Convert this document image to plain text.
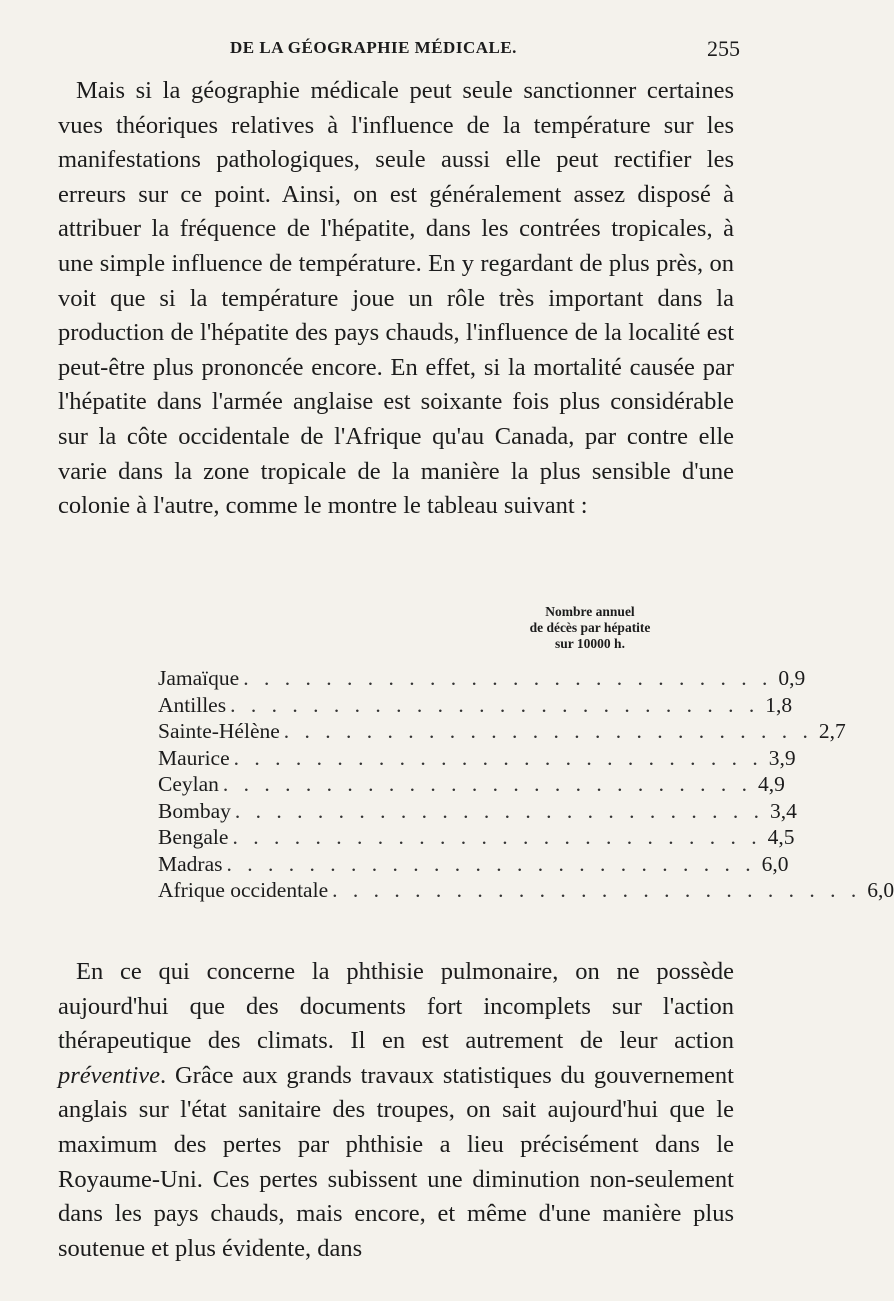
DE LA GÉOGRAPHIE MÉDICALE.	255

Mais si la géographie médicale peut seule sanctionner certaines vues théoriques relatives à l'influence de la température sur les manifestations pathologiques, seule aussi elle peut rectifier les erreurs sur ce point. Ainsi, on est généralement assez disposé à attribuer la fréquence de l'hépatite, dans les contrées tropicales, à une simple influence de température. En y regardant de plus près, on voit que si la température joue un rôle très important dans la production de l'hépatite des pays chauds, l'influence de la localité est peut-être plus prononcée encore. En effet, si la mortalité causée par l'hépatite dans l'armée anglaise est soixante fois plus considérable sur la côte occidentale de l'Afrique qu'au Canada, par contre elle varie dans la zone tropicale de la manière la plus sensible d'une colonie à l'autre, comme le montre le tableau suivant :

Nombre annuel
de décès par hépatite
sur 10000 h.
Jamaïque . . . . . . . . . . . . . . . . . . . . . . . . . . 0,9
Antilles . . . . . . . . . . . . . . . . . . . . . . . . . . 1,8
Sainte-Hélène . . . . . . . . . . . . . . . . . . . . . . . . . . 2,7
Maurice . . . . . . . . . . . . . . . . . . . . . . . . . . 3,9
Ceylan . . . . . . . . . . . . . . . . . . . . . . . . . . 4,9
Bombay . . . . . . . . . . . . . . . . . . . . . . . . . . 3,4
Bengale . . . . . . . . . . . . . . . . . . . . . . . . . . 4,5
Madras . . . . . . . . . . . . . . . . . . . . . . . . . . 6,0
Afrique occidentale . . . . . . . . . . . . . . . . . . . . . . . . . . 6,0

En ce qui concerne la phthisie pulmonaire, on ne possède aujourd'hui que des documents fort incomplets sur l'action thérapeutique des climats. Il en est autrement de leur action préventive. Grâce aux grands travaux statistiques du gouvernement anglais sur l'état sanitaire des troupes, on sait aujourd'hui que le maximum des pertes par phthisie a lieu précisément dans le Royaume-Uni. Ces pertes subissent une diminution non-seulement dans les pays chauds, mais encore, et même d'une manière plus soutenue et plus évidente, dans
